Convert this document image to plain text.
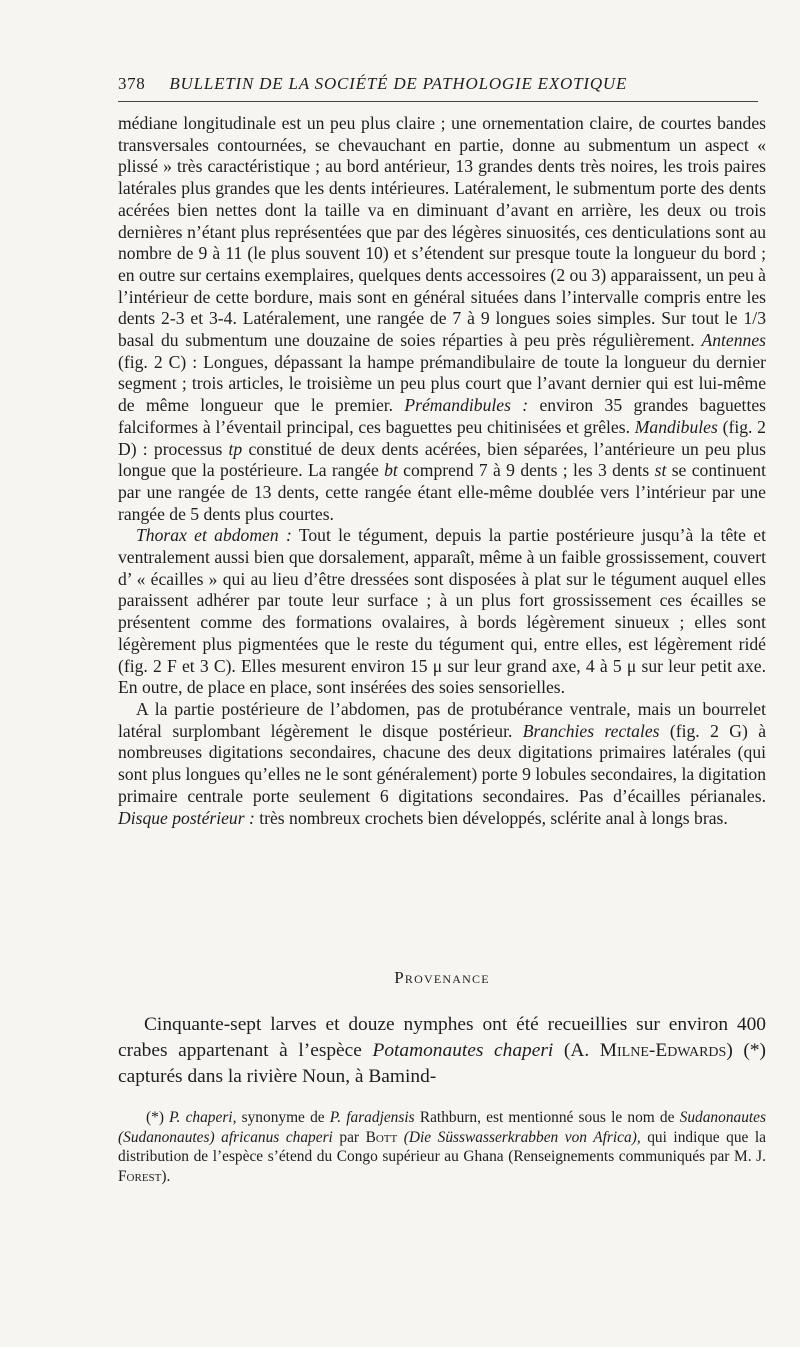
378 BULLETIN DE LA SOCIÉTÉ DE PATHOLOGIE EXOTIQUE

médiane longitudinale est un peu plus claire ; une ornementation claire, de courtes bandes transversales contournées, se chevauchant en partie, donne au submentum un aspect « plissé » très caractéristique ; au bord antérieur, 13 grandes dents très noires, les trois paires latérales plus grandes que les dents intérieures. Latéralement, le submentum porte des dents acérées bien nettes dont la taille va en diminuant d’avant en arrière, les deux ou trois dernières n’étant plus représentées que par des légères sinuosités, ces denticulations sont au nombre de 9 à 11 (le plus souvent 10) et s’étendent sur presque toute la longueur du bord ; en outre sur certains exemplaires, quelques dents accessoires (2 ou 3) apparaissent, un peu à l’intérieur de cette bordure, mais sont en général situées dans l’intervalle compris entre les dents 2-3 et 3-4. Latéralement, une rangée de 7 à 9 longues soies simples. Sur tout le 1/3 basal du submentum une douzaine de soies réparties à peu près régulièrement. Antennes (fig. 2 C) : Longues, dépassant la hampe prémandibulaire de toute la longueur du dernier segment ; trois articles, le troisième un peu plus court que l’avant dernier qui est lui-même de même longueur que le premier. Prémandibules : environ 35 grandes baguettes falciformes à l’éventail principal, ces baguettes peu chitinisées et grêles. Mandibules (fig. 2 D) : processus tp constitué de deux dents acérées, bien séparées, l’antérieure un peu plus longue que la postérieure. La rangée bt comprend 7 à 9 dents ; les 3 dents st se continuent par une rangée de 13 dents, cette rangée étant elle-même doublée vers l’intérieur par une rangée de 5 dents plus courtes.

Thorax et abdomen : Tout le tégument, depuis la partie postérieure jusqu’à la tête et ventralement aussi bien que dorsalement, apparaît, même à un faible grossissement, couvert d’ « écailles » qui au lieu d’être dressées sont disposées à plat sur le tégument auquel elles paraissent adhérer par toute leur surface ; à un plus fort grossissement ces écailles se présentent comme des formations ovalaires, à bords légèrement sinueux ; elles sont légèrement plus pigmentées que le reste du tégument qui, entre elles, est légèrement ridé (fig. 2 F et 3 C). Elles mesurent environ 15 μ sur leur grand axe, 4 à 5 μ sur leur petit axe. En outre, de place en place, sont insérées des soies sensorielles.

A la partie postérieure de l’abdomen, pas de protubérance ventrale, mais un bourrelet latéral surplombant légèrement le disque postérieur. Branchies rectales (fig. 2 G) à nombreuses digitations secondaires, chacune des deux digitations primaires latérales (qui sont plus longues qu’elles ne le sont généralement) porte 9 lobules secondaires, la digitation primaire centrale porte seulement 6 digitations secondaires. Pas d’écailles périanales. Disque postérieur : très nombreux crochets bien développés, sclérite anal à longs bras.

Provenance

Cinquante-sept larves et douze nymphes ont été recueillies sur environ 400 crabes appartenant à l’espèce Potamonautes chaperi (A. Milne-Edwards) (*) capturés dans la rivière Noun, à Bamind-

(*) P. chaperi, synonyme de P. faradjensis Rathburn, est mentionné sous le nom de Sudanonautes (Sudanonautes) africanus chaperi par Bott (Die Süsswasserkrabben von Africa), qui indique que la distribution de l’espèce s’étend du Congo supérieur au Ghana (Renseignements communiqués par M. J. Forest).
